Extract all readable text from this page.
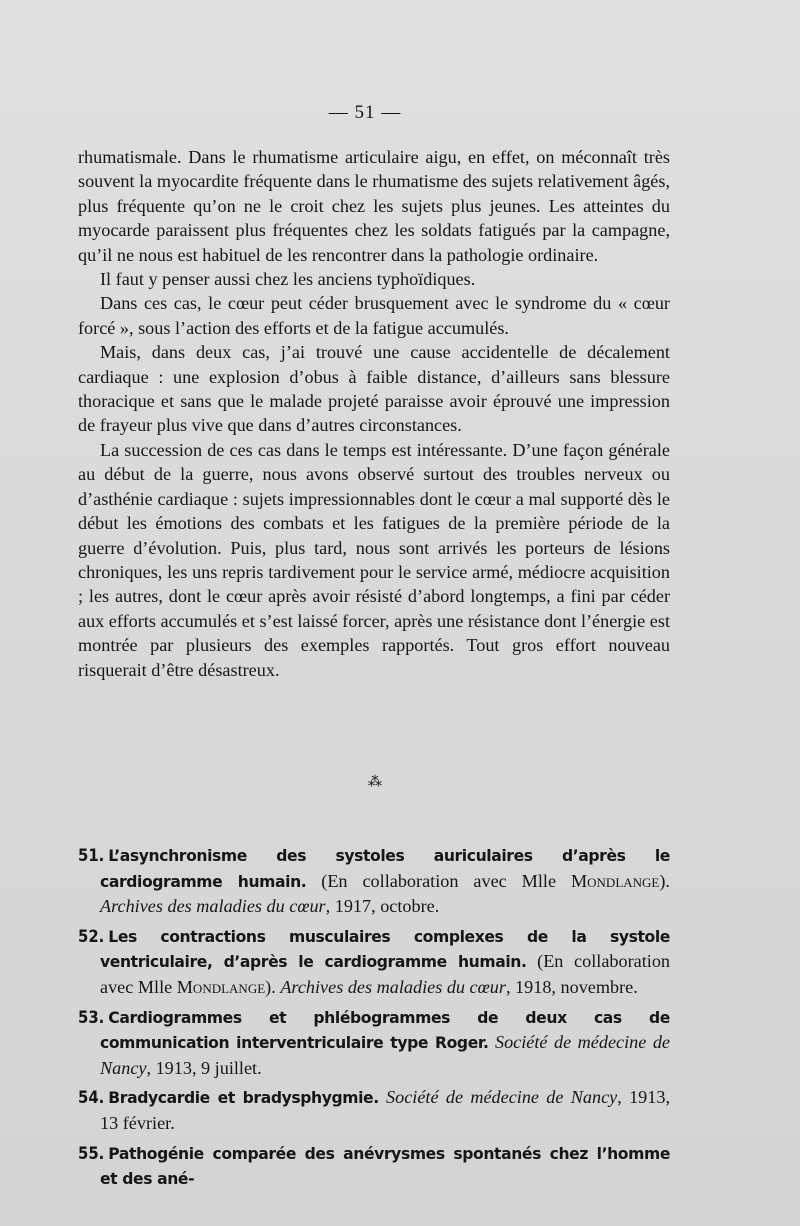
— 51 —

rhumatismale. Dans le rhumatisme articulaire aigu, en effet, on méconnaît très souvent la myocardite fréquente dans le rhumatisme des sujets relativement âgés, plus fréquente qu’on ne le croit chez les sujets plus jeunes. Les atteintes du myocarde paraissent plus fréquentes chez les soldats fatigués par la campagne, qu’il ne nous est habituel de les rencontrer dans la pathologie ordinaire.

Il faut y penser aussi chez les anciens typhoïdiques.

Dans ces cas, le cœur peut céder brusquement avec le syndrome du « cœur forcé », sous l’action des efforts et de la fatigue accumulés.

Mais, dans deux cas, j’ai trouvé une cause accidentelle de décalement cardiaque : une explosion d’obus à faible distance, d’ailleurs sans blessure thoracique et sans que le malade projeté paraisse avoir éprouvé une impression de frayeur plus vive que dans d’autres circonstances.

La succession de ces cas dans le temps est intéressante. D’une façon générale au début de la guerre, nous avons observé surtout des troubles nerveux ou d’asthénie cardiaque : sujets impressionnables dont le cœur a mal supporté dès le début les émotions des combats et les fatigues de la première période de la guerre d’évolution. Puis, plus tard, nous sont arrivés les porteurs de lésions chroniques, les uns repris tardivement pour le service armé, médiocre acquisition ; les autres, dont le cœur après avoir résisté d’abord longtemps, a fini par céder aux efforts accumulés et s’est laissé forcer, après une résistance dont l’énergie est montrée par plusieurs des exemples rapportés. Tout gros effort nouveau risquerait d’être désastreux.

⁂

51. L’asynchronisme des systoles auriculaires d’après le cardiogramme humain. (En collaboration avec Mlle Mondlange). Archives des maladies du cœur, 1917, octobre.

52. Les contractions musculaires complexes de la systole ventriculaire, d’après le cardiogramme humain. (En collaboration avec Mlle Mondlange). Archives des maladies du cœur, 1918, novembre.

53. Cardiogrammes et phlébogrammes de deux cas de communication interventriculaire type Roger. Société de médecine de Nancy, 1913, 9 juillet.

54. Bradycardie et bradysphygmie. Société de médecine de Nancy, 1913, 13 février.

55. Pathogénie comparée des anévrysmes spontanés chez l’homme et des ané-
